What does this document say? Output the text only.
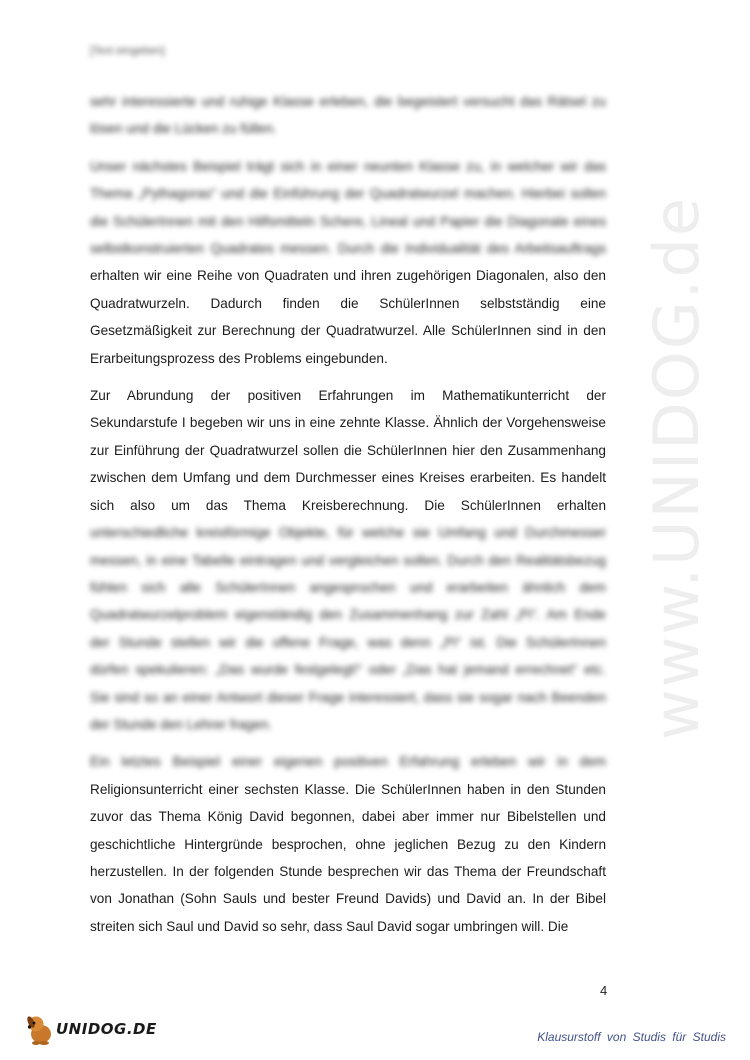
www.UNIDOG.de
[Text eingeben]
sehr interessierte und ruhige Klasse erleben, die begeistert versucht das Rätsel zu
lösen und die Lücken zu füllen.
Unser nächstes Beispiel trägt sich in einer neunten Klasse zu, in welcher wir das
Thema „Pythagoras“ und die Einführung der Quadratwurzel machen. Hierbei sollen
die SchülerInnen mit den Hilfsmitteln Schere, Lineal und Papier die Diagonale eines
selbstkonstruierten Quadrates messen. Durch die Individualität des Arbeitsauftrags
erhalten wir eine Reihe von Quadraten und ihren zugehörigen Diagonalen, also den
Quadratwurzeln. Dadurch finden die SchülerInnen selbstständig eine
Gesetzmäßigkeit zur Berechnung der Quadratwurzel. Alle SchülerInnen sind in den
Erarbeitungsprozess des Problems eingebunden.
Zur Abrundung der positiven Erfahrungen im Mathematikunterricht der
Sekundarstufe I begeben wir uns in eine zehnte Klasse. Ähnlich der Vorgehensweise
zur Einführung der Quadratwurzel sollen die SchülerInnen hier den Zusammenhang
zwischen dem Umfang und dem Durchmesser eines Kreises erarbeiten. Es handelt
sich also um das Thema Kreisberechnung. Die SchülerInnen erhalten
unterschiedliche kreisförmige Objekte, für welche sie Umfang und Durchmesser
messen, in eine Tabelle eintragen und vergleichen sollen. Durch den Realitätsbezug
fühlen sich alle SchülerInnen angesprochen und erarbeiten ähnlich dem
Quadratwurzelproblem eigenständig den Zusammenhang zur Zahl „Pi“. Am Ende
der Stunde stellen wir die offene Frage, was denn „Pi“ ist. Die SchülerInnen
dürfen spekulieren: „Das wurde festgelegt!“ oder „Das hat jemand errechnet“ etc.
Sie sind so an einer Antwort dieser Frage interessiert, dass sie sogar nach Beenden
der Stunde den Lehrer fragen.
Ein letztes Beispiel einer eigenen positiven Erfahrung erleben wir in dem
Religionsunterricht einer sechsten Klasse. Die SchülerInnen haben in den Stunden
zuvor das Thema König David begonnen, dabei aber immer nur Bibelstellen und
geschichtliche Hintergründe besprochen, ohne jeglichen Bezug zu den Kindern
herzustellen. In der folgenden Stunde besprechen wir das Thema der Freundschaft
von Jonathan (Sohn Sauls und bester Freund Davids) und David an. In der Bibel
streiten sich Saul und David so sehr, dass Saul David sogar umbringen will. Die
4
UNIDOG.DE	Klausurstoff von Studis für Studis
